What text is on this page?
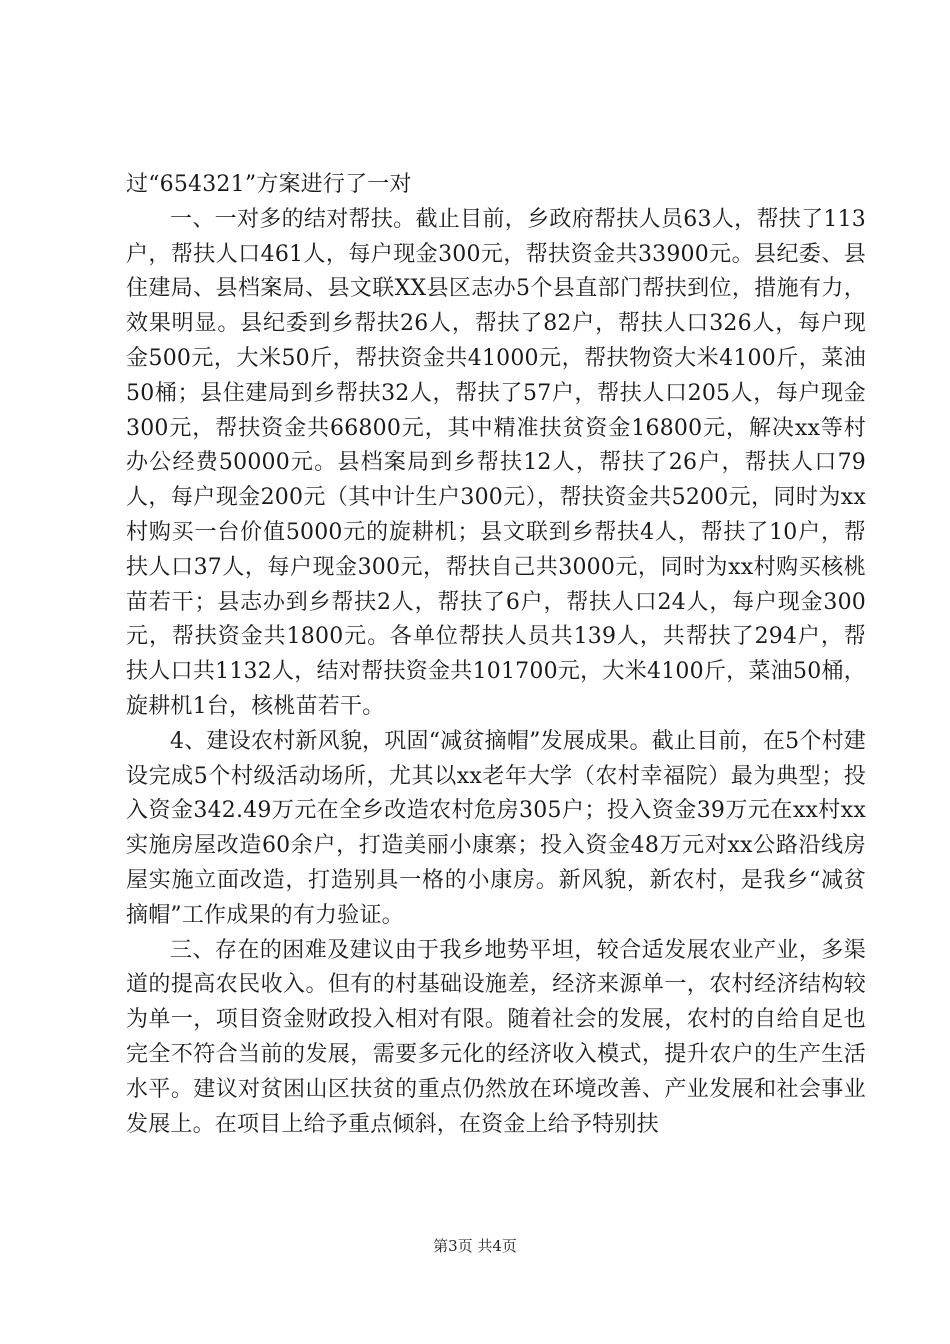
过“654321”方案进行了一对

一、一对多的结对帮扶。截止目前，乡政府帮扶人员63人，帮扶了113户，帮扶人口461人，每户现金300元，帮扶资金共33900元。县纪委、县住建局、县档案局、县文联XX县区志办5个县直部门帮扶到位，措施有力，效果明显。县纪委到乡帮扶26人，帮扶了82户，帮扶人口326人，每户现金500元，大米50斤，帮扶资金共41000元，帮扶物资大米4100斤，菜油50桶；县住建局到乡帮扶32人，帮扶了57户，帮扶人口205人，每户现金300元，帮扶资金共66800元，其中精准扶贫资金16800元，解决xx等村办公经费50000元。县档案局到乡帮扶12人，帮扶了26户，帮扶人口79人，每户现金200元（其中计生户300元），帮扶资金共5200元，同时为xx村购买一台价值5000元的旋耕机；县文联到乡帮扶4人，帮扶了10户，帮扶人口37人，每户现金300元，帮扶自己共3000元，同时为xx村购买核桃苗若干；县志办到乡帮扶2人，帮扶了6户，帮扶人口24人，每户现金300元，帮扶资金共1800元。各单位帮扶人员共139人，共帮扶了294户，帮扶人口共1132人，结对帮扶资金共101700元，大米4100斤，菜油50桶，旋耕机1台，核桃苗若干。

4、建设农村新风貌，巩固“减贫摘帽”发展成果。截止目前，在5个村建设完成5个村级活动场所，尤其以xx老年大学（农村幸福院）最为典型；投入资金342.49万元在全乡改造农村危房305户；投入资金39万元在xx村xx实施房屋改造60余户，打造美丽小康寨；投入资金48万元对xx公路沿线房屋实施立面改造，打造别具一格的小康房。新风貌，新农村，是我乡“减贫摘帽”工作成果的有力验证。

三、存在的困难及建议由于我乡地势平坦，较合适发展农业产业，多渠道的提高农民收入。但有的村基础设施差，经济来源单一，农村经济结构较为单一，项目资金财政投入相对有限。随着社会的发展，农村的自给自足也完全不符合当前的发展，需要多元化的经济收入模式，提升农户的生产生活水平。建议对贫困山区扶贫的重点仍然放在环境改善、产业发展和社会事业发展上。在项目上给予重点倾斜，在资金上给予特别扶

第3页 共4页
